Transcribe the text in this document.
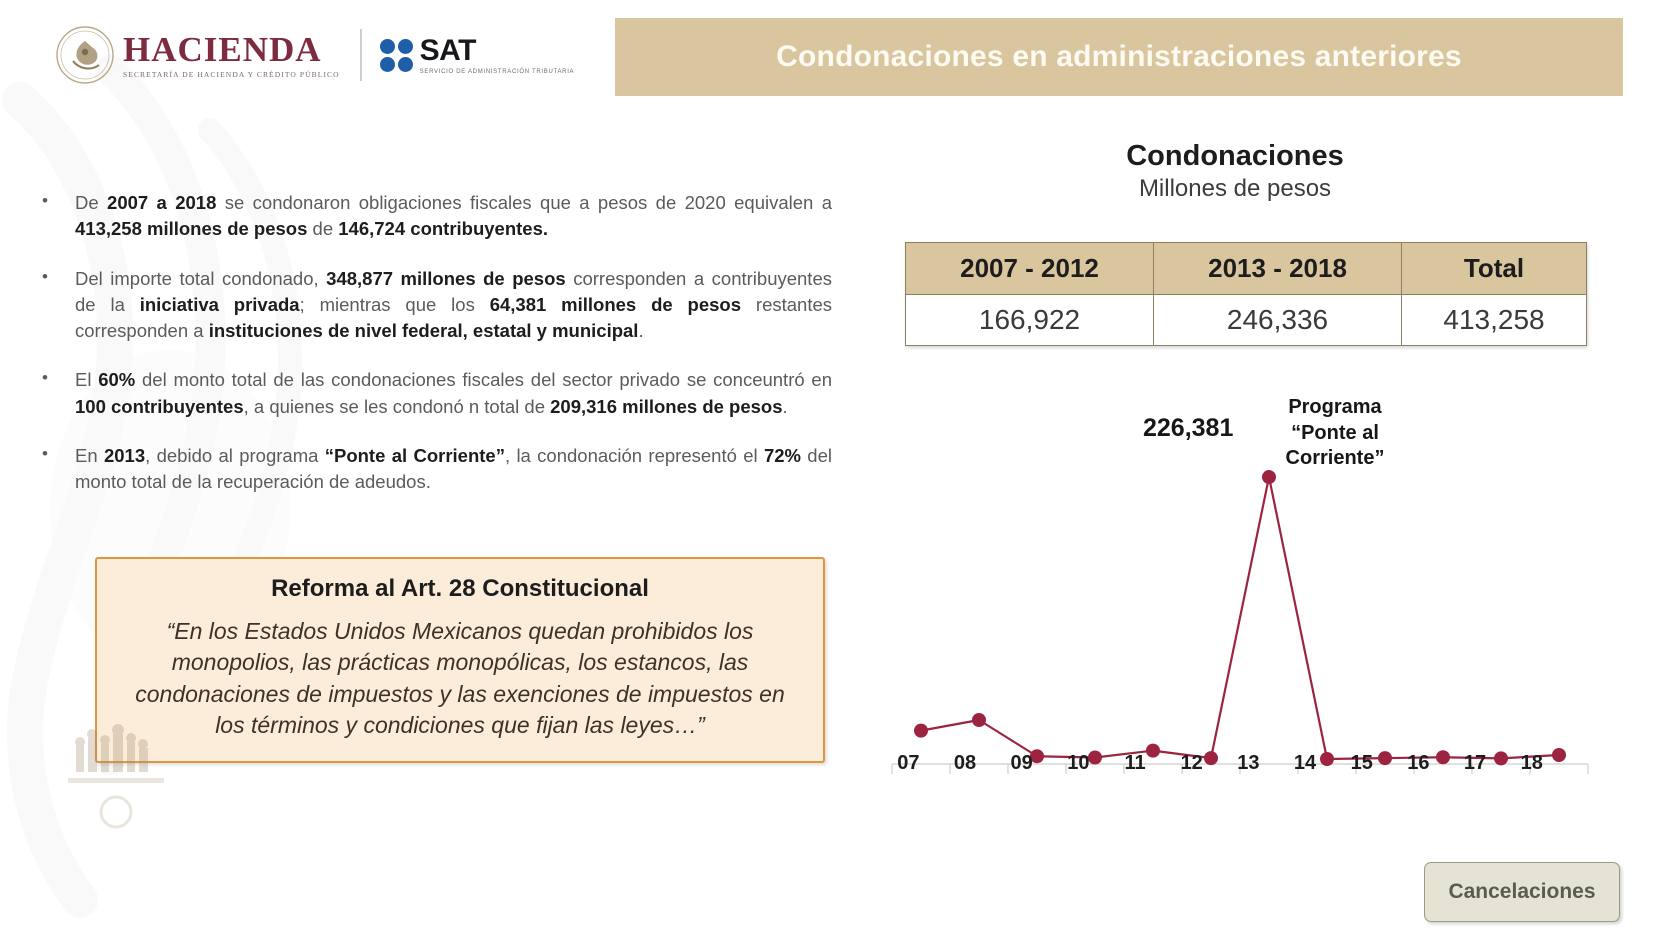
HACIENDA
SECRETARÍA DE HACIENDA Y CRÉDITO PÚBLICO
SAT
SERVICIO DE ADMINISTRACIÓN TRIBUTARIA	Condonaciones en administraciones anteriores
• De 2007 a 2018 se condonaron obligaciones fiscales que a pesos de 2020 equivalen a 413,258 millones de pesos de 146,724 contribuyentes.
• Del importe total condonado, 348,877 millones de pesos corresponden a contribuyentes de la iniciativa privada; mientras que los 64,381 millones de pesos restantes corresponden a instituciones de nivel federal, estatal y municipal.
• El 60% del monto total de las condonaciones fiscales del sector privado se conceuntró en 100 contribuyentes, a quienes se les condonó n total de 209,316 millones de pesos.
• En 2013, debido al programa “Ponte al Corriente”, la condonación representó el 72% del monto total de la recuperación de adeudos.
Reforma al Art. 28 Constitucional
“En los Estados Unidos Mexicanos quedan prohibidos los monopolios, las prácticas monopólicas, los estancos, las condonaciones de impuestos y las exenciones de impuestos en los términos y condiciones que fijan las leyes…”
Condonaciones
Millones de pesos
2007 - 2012	2013 - 2018	Total
166,922	246,336	413,258
226,381
Programa
“Ponte al
Corriente”
07	08	09	10	11	12	13	14	15	16	17	18
Cancelaciones
